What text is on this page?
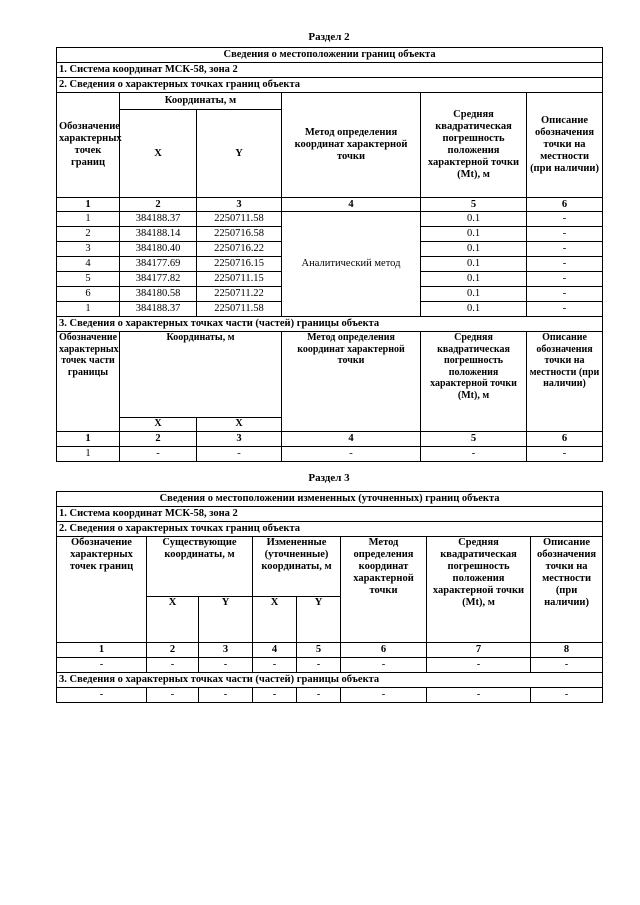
Раздел 2
Сведения о местоположении границ объекта					
1. Система координат МСК-58, зона 2					
2. Сведения о характерных точках границ объекта					
Обозначение характерных точек границ	Координаты, м		Метод определения координат характерной точки	Средняя квадратическая погрешность положения характерной точки (Mt), м	Описание обозначения точки на местности (при наличии)
	X	Y			
1	2	3	4	5	6
1	384188.37	2250711.58	Аналитический метод	0.1	-
2	384188.14	2250716.58		0.1	-
3	384180.40	2250716.22		0.1	-
4	384177.69	2250716.15		0.1	-
5	384177.82	2250711.15		0.1	-
6	384180.58	2250711.22		0.1	-
1	384188.37	2250711.58		0.1	-
3. Сведения о характерных точках части (частей) границы объекта					
Обозначение характерных точек части границы	Координаты, м		Метод определения координат характерной точки	Средняя квадратическая погрешность положения характерной точки (Mt), м	Описание обозначения точки на местности (при наличии)
	X	X			
1	2	3	4	5	6
1	-	-	-	-	-
Раздел 3
Сведения о местоположении измененных (уточненных) границ объекта							
1. Система координат МСК-58, зона 2							
2. Сведения о характерных точках границ объекта							
Обозначение характерных точек границ	Существующие координаты, м		Измененные (уточненные) координаты, м		Метод определения координат характерной точки	Средняя квадратическая погрешность положения характерной точки (Mt), м	Описание обозначения точки на местности (при наличии)
	X	Y	X	Y			
1	2	3	4	5	6	7	8
-	-	-	-	-	-	-	-
3. Сведения о характерных точках части (частей) границы объекта							
-	-	-	-	-	-	-	-
